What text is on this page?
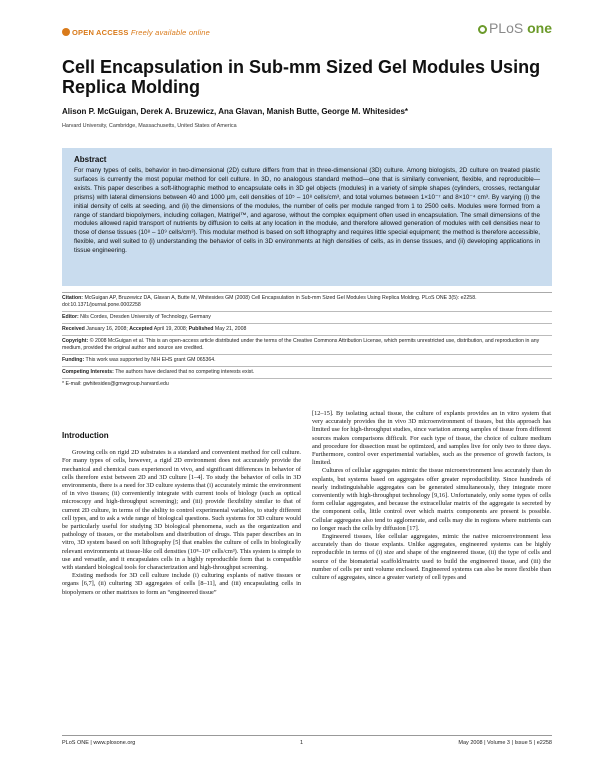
OPEN ACCESS Freely available online	PLoS one
Cell Encapsulation in Sub-mm Sized Gel Modules Using Replica Molding
Alison P. McGuigan, Derek A. Bruzewicz, Ana Glavan, Manish Butte, George M. Whitesides*
Harvard University, Cambridge, Massachusetts, United States of America
Abstract
For many types of cells, behavior in two-dimensional (2D) culture differs from that in three-dimensional (3D) culture. Among biologists, 2D culture on treated plastic surfaces is currently the most popular method for cell culture. In 3D, no analogous standard method—one that is similarly convenient, flexible, and reproducible—exists. This paper describes a soft-lithographic method to encapsulate cells in 3D gel objects (modules) in a variety of simple shapes (cylinders, crosses, rectangular prisms) with lateral dimensions between 40 and 1000 μm, cell densities of 10⁵ – 10⁸ cells/cm³, and total volumes between 1×10⁻⁷ and 8×10⁻⁴ cm³. By varying (i) the initial density of cells at seeding, and (ii) the dimensions of the modules, the number of cells per module ranged from 1 to 2500 cells. Modules were formed from a range of standard biopolymers, including collagen, Matrigel™, and agarose, without the complex equipment often used in encapsulation. The small dimensions of the modules allowed rapid transport of nutrients by diffusion to cells at any location in the module, and therefore allowed generation of modules with cell densities near to those of dense tissues (10⁸ – 10⁹ cells/cm³). This modular method is based on soft lithography and requires little special equipment; the method is therefore accessible, flexible, and well suited to (i) understanding the behavior of cells in 3D environments at high densities of cells, as in dense tissues, and (ii) developing applications in tissue engineering.
Citation: McGuigan AP, Bruzewicz DA, Glavan A, Butte M, Whitesides GM (2008) Cell Encapsulation in Sub-mm Sized Gel Modules Using Replica Molding. PLoS ONE 3(5): e2258. doi:10.1371/journal.pone.0002258
Editor: Nils Cordes, Dresden University of Technology, Germany
Received January 16, 2008; Accepted April 19, 2008; Published May 21, 2008
Copyright: © 2008 McGuigan et al. This is an open-access article distributed under the terms of the Creative Commons Attribution License, which permits unrestricted use, distribution, and reproduction in any medium, provided the original author and source are credited.
Funding: This work was supported by NIH EHS grant GM 065364.
Competing Interests: The authors have declared that no competing interests exist.
* E-mail: gwhitesides@gmwgroup.harvard.edu
Introduction

Growing cells on rigid 2D substrates is a standard and convenient method for cell culture. For many types of cells, however, a rigid 2D environment does not accurately provide the mechanical and chemical cues experienced in vivo, and significant differences in behavior of cells therefore exist between 2D and 3D culture [1–4]. To study the behavior of cells in 3D environments, there is a need for 3D culture systems that (i) accurately mimic the environment of in vivo tissues; (ii) conveniently integrate with current tools of biology (such as optical microscopy and high-throughput screening); and (iii) provide flexibility similar to that of current 2D culture, in terms of the ability to control experimental variables, to study different cell types, and to ask a wide range of biological questions. Such systems for 3D culture would be particularly useful for studying 3D biological phenomena, such as the organization and pathology of tissues, or the metabolism and distribution of drugs. This paper describes an in vitro, 3D system based on soft lithography [5] that enables the culture of cells in biologically relevant environments at tissue-like cell densities (10⁸–10⁹ cells/cm³). This system is simple to use and versatile, and it encapsulates cells in a highly reproducible form that is compatible with standard biological tools for characterization and high-throughput screening.

Existing methods for 3D cell culture include (i) culturing explants of native tissues or organs [6,7], (ii) culturing 3D aggregates of cells [8–11], and (iii) encapsulating cells in biopolymers or other matrixes to form an “engineered tissue”

[12–15]. By isolating actual tissue, the culture of explants provides an in vitro system that very accurately provides the in vivo 3D microenvironment of tissues, but this approach has limited use for high-throughput studies, since variation among samples of tissue from different sources makes comparisons difficult. For each type of tissue, the choice of culture medium and procedure for dissection must be optimized, and samples live for only two to three days. Furthermore, control over experimental variables, such as the presence of growth factors, is limited.

Cultures of cellular aggregates mimic the tissue microenvironment less accurately than do explants, but systems based on aggregates offer greater reproducibility. Since hundreds of nearly indistinguishable aggregates can be generated simultaneously, they integrate more conveniently with high-throughput technology [9,16]. Unfortunately, only some types of cells form cellular aggregates, and because the extracellular matrix of the aggregate is secreted by the component cells, little control over which matrix components are present is possible. Cellular aggregates also tend to agglomerate, and cells may die in regions where nutrients can no longer reach the cells by diffusion [17].

Engineered tissues, like cellular aggregates, mimic the native microenvironment less accurately than do tissue explants. Unlike aggregates, engineered systems can be highly reproducible in terms of (i) size and shape of the engineered tissue, (ii) the type of cells and source of the biomaterial scaffold/matrix used to build the engineered tissue, and (iii) the number of cells per unit volume enclosed. Engineered systems can also be more flexible than culture of aggregates, since a greater variety of cell types and

PLoS ONE | www.plosone.org	1	May 2008 | Volume 3 | Issue 5 | e2258
